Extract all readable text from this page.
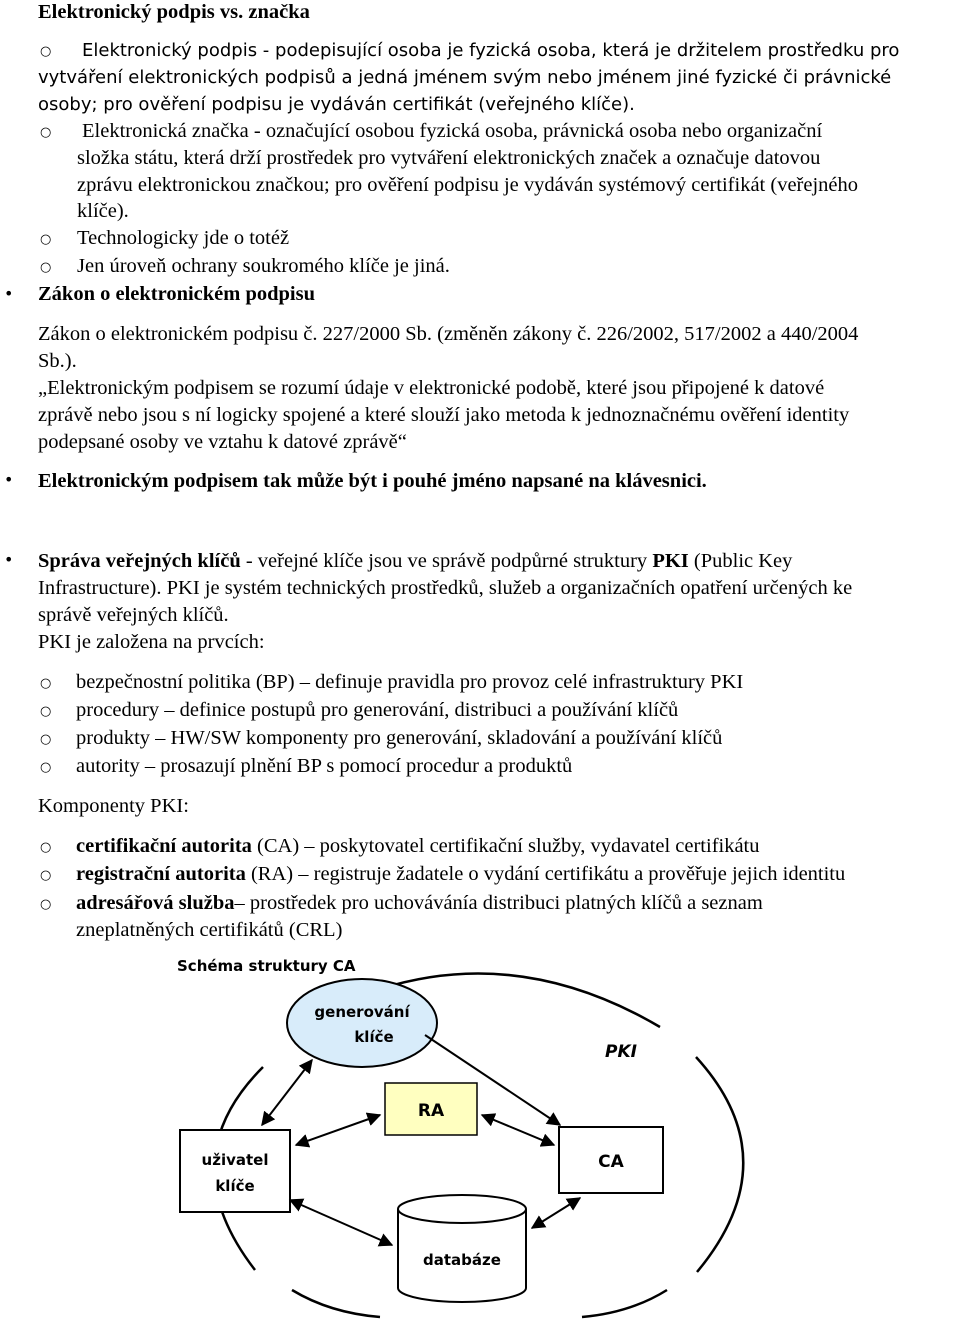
Elektronický podpis vs. značka
○ Elektronický podpis - podepisující osoba je fyzická osoba, která je držitelem prostředku pro
vytváření elektronických podpisů a jedná jménem svým nebo jménem jiné fyzické či právnické
osoby; pro ověření podpisu je vydáván certifikát (veřejného klíče).
○ Elektronická značka - označující osobou fyzická osoba, právnická osoba nebo organizační
složka státu, která drží prostředek pro vytváření elektronických značek a označuje datovou
zprávu elektronickou značkou; pro ověření podpisu je vydáván systémový certifikát (veřejného
klíče).
○ Technologicky jde o totéž
○ Jen úroveň ochrany soukromého klíče je jiná.
• Zákon o elektronickém podpisu
Zákon o elektronickém podpisu č. 227/2000 Sb. (změněn zákony č. 226/2002, 517/2002 a 440/2004
Sb.).
„Elektronickým podpisem se rozumí údaje v elektronické podobě, které jsou připojené k datové
zprávě nebo jsou s ní logicky spojené a které slouží jako metoda k jednoznačnému ověření identity
podepsané osoby ve vztahu k datové zprávě“
• Elektronickým podpisem tak může být i pouhé jméno napsané na klávesnici.
• Správa veřejných klíčů - veřejné klíče jsou ve správě podpůrné struktury PKI (Public Key
Infrastructure). PKI je systém technických prostředků, služeb a organizačních opatření určených ke
správě veřejných klíčů.
PKI je založena na prvcích:
○ bezpečnostní politika (BP) – definuje pravidla pro provoz celé infrastruktury PKI
○ procedury – definice postupů pro generování, distribuci a používání klíčů
○ produkty – HW/SW komponenty pro generování, skladování a používání klíčů
○ autority – prosazují plnění BP s pomocí procedur a produktů
Komponenty PKI:
○ certifikační autorita (CA) – poskytovatel certifikační služby, vydavatel certifikátu
○ registrační autorita (RA) – registruje žadatele o vydání certifikátu a prověřuje jejich identitu
○ adresářová služba– prostředek pro uchovávánía distribuci platných klíčů a seznam
zneplatněných certifikátů (CRL)
Schéma struktury CA
generování
klíče
PKI
RA
uživatel
klíče
CA
databáze
